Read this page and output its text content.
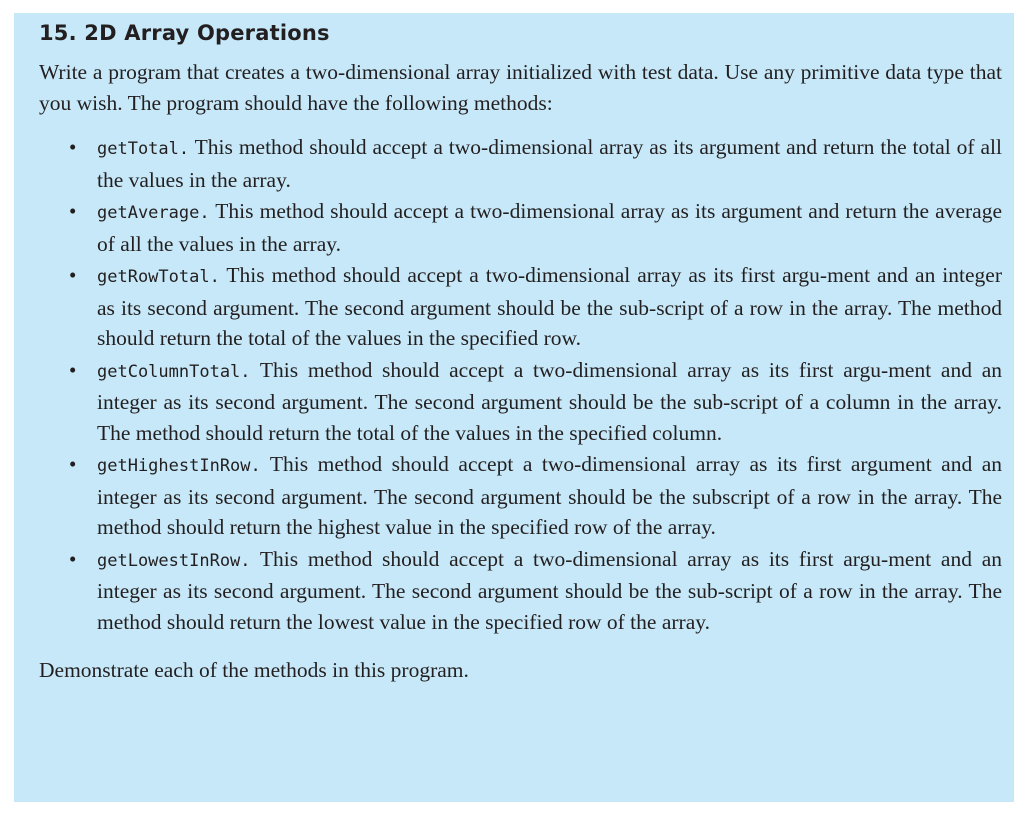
15. 2D Array Operations

Write a program that creates a two-dimensional array initialized with test data. Use any primitive data type that you wish. The program should have the following methods:

• getTotal. This method should accept a two-dimensional array as its argument and return the total of all the values in the array.
• getAverage. This method should accept a two-dimensional array as its argument and return the average of all the values in the array.
• getRowTotal. This method should accept a two-dimensional array as its first argu-ment and an integer as its second argument. The second argument should be the sub-script of a row in the array. The method should return the total of the values in the specified row.
• getColumnTotal. This method should accept a two-dimensional array as its first argu-ment and an integer as its second argument. The second argument should be the sub-script of a column in the array. The method should return the total of the values in the specified column.
• getHighestInRow. This method should accept a two-dimensional array as its first argument and an integer as its second argument. The second argument should be the subscript of a row in the array. The method should return the highest value in the specified row of the array.
• getLowestInRow. This method should accept a two-dimensional array as its first argu-ment and an integer as its second argument. The second argument should be the sub-script of a row in the array. The method should return the lowest value in the specified row of the array.

Demonstrate each of the methods in this program.
